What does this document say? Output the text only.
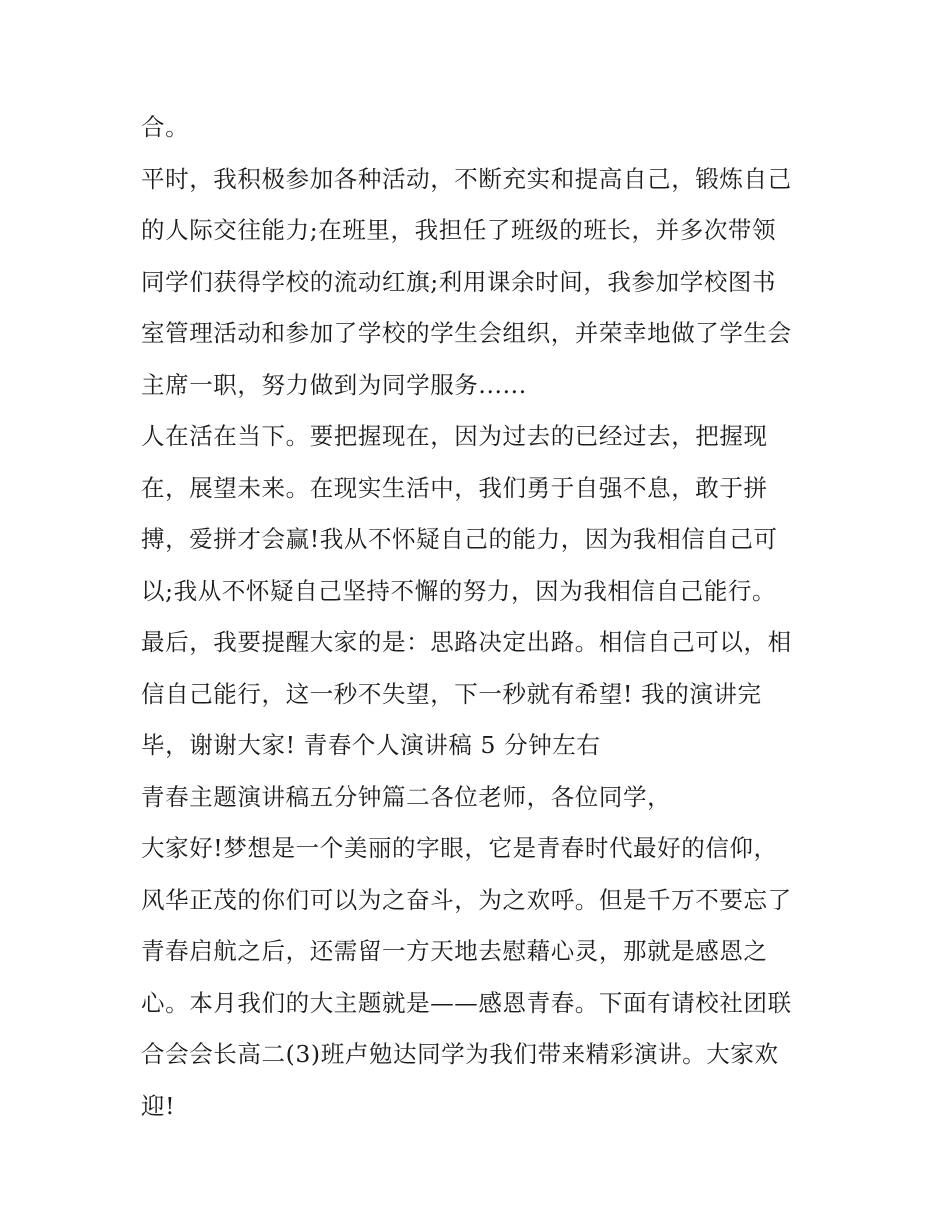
合。
平时，我积极参加各种活动，不断充实和提高自己，锻炼自己
的人际交往能力;在班里，我担任了班级的班长，并多次带领
同学们获得学校的流动红旗;利用课余时间，我参加学校图书
室管理活动和参加了学校的学生会组织，并荣幸地做了学生会
主席一职，努力做到为同学服务......
人在活在当下。要把握现在，因为过去的已经过去，把握现
在，展望未来。在现实生活中，我们勇于自强不息，敢于拼
搏，爱拼才会赢!我从不怀疑自己的能力，因为我相信自己可
以;我从不怀疑自己坚持不懈的努力，因为我相信自己能行。
最后，我要提醒大家的是：思路决定出路。相信自己可以，相
信自己能行，这一秒不失望，下一秒就有希望! 我的演讲完
毕，谢谢大家! 青春个人演讲稿 5 分钟左右
青春主题演讲稿五分钟篇二各位老师，各位同学，
大家好!梦想是一个美丽的字眼，它是青春时代最好的信仰，
风华正茂的你们可以为之奋斗，为之欢呼。但是千万不要忘了
青春启航之后，还需留一方天地去慰藉心灵，那就是感恩之
心。本月我们的大主题就是——感恩青春。下面有请校社团联
合会会长高二(3)班卢勉达同学为我们带来精彩演讲。大家欢
迎!
